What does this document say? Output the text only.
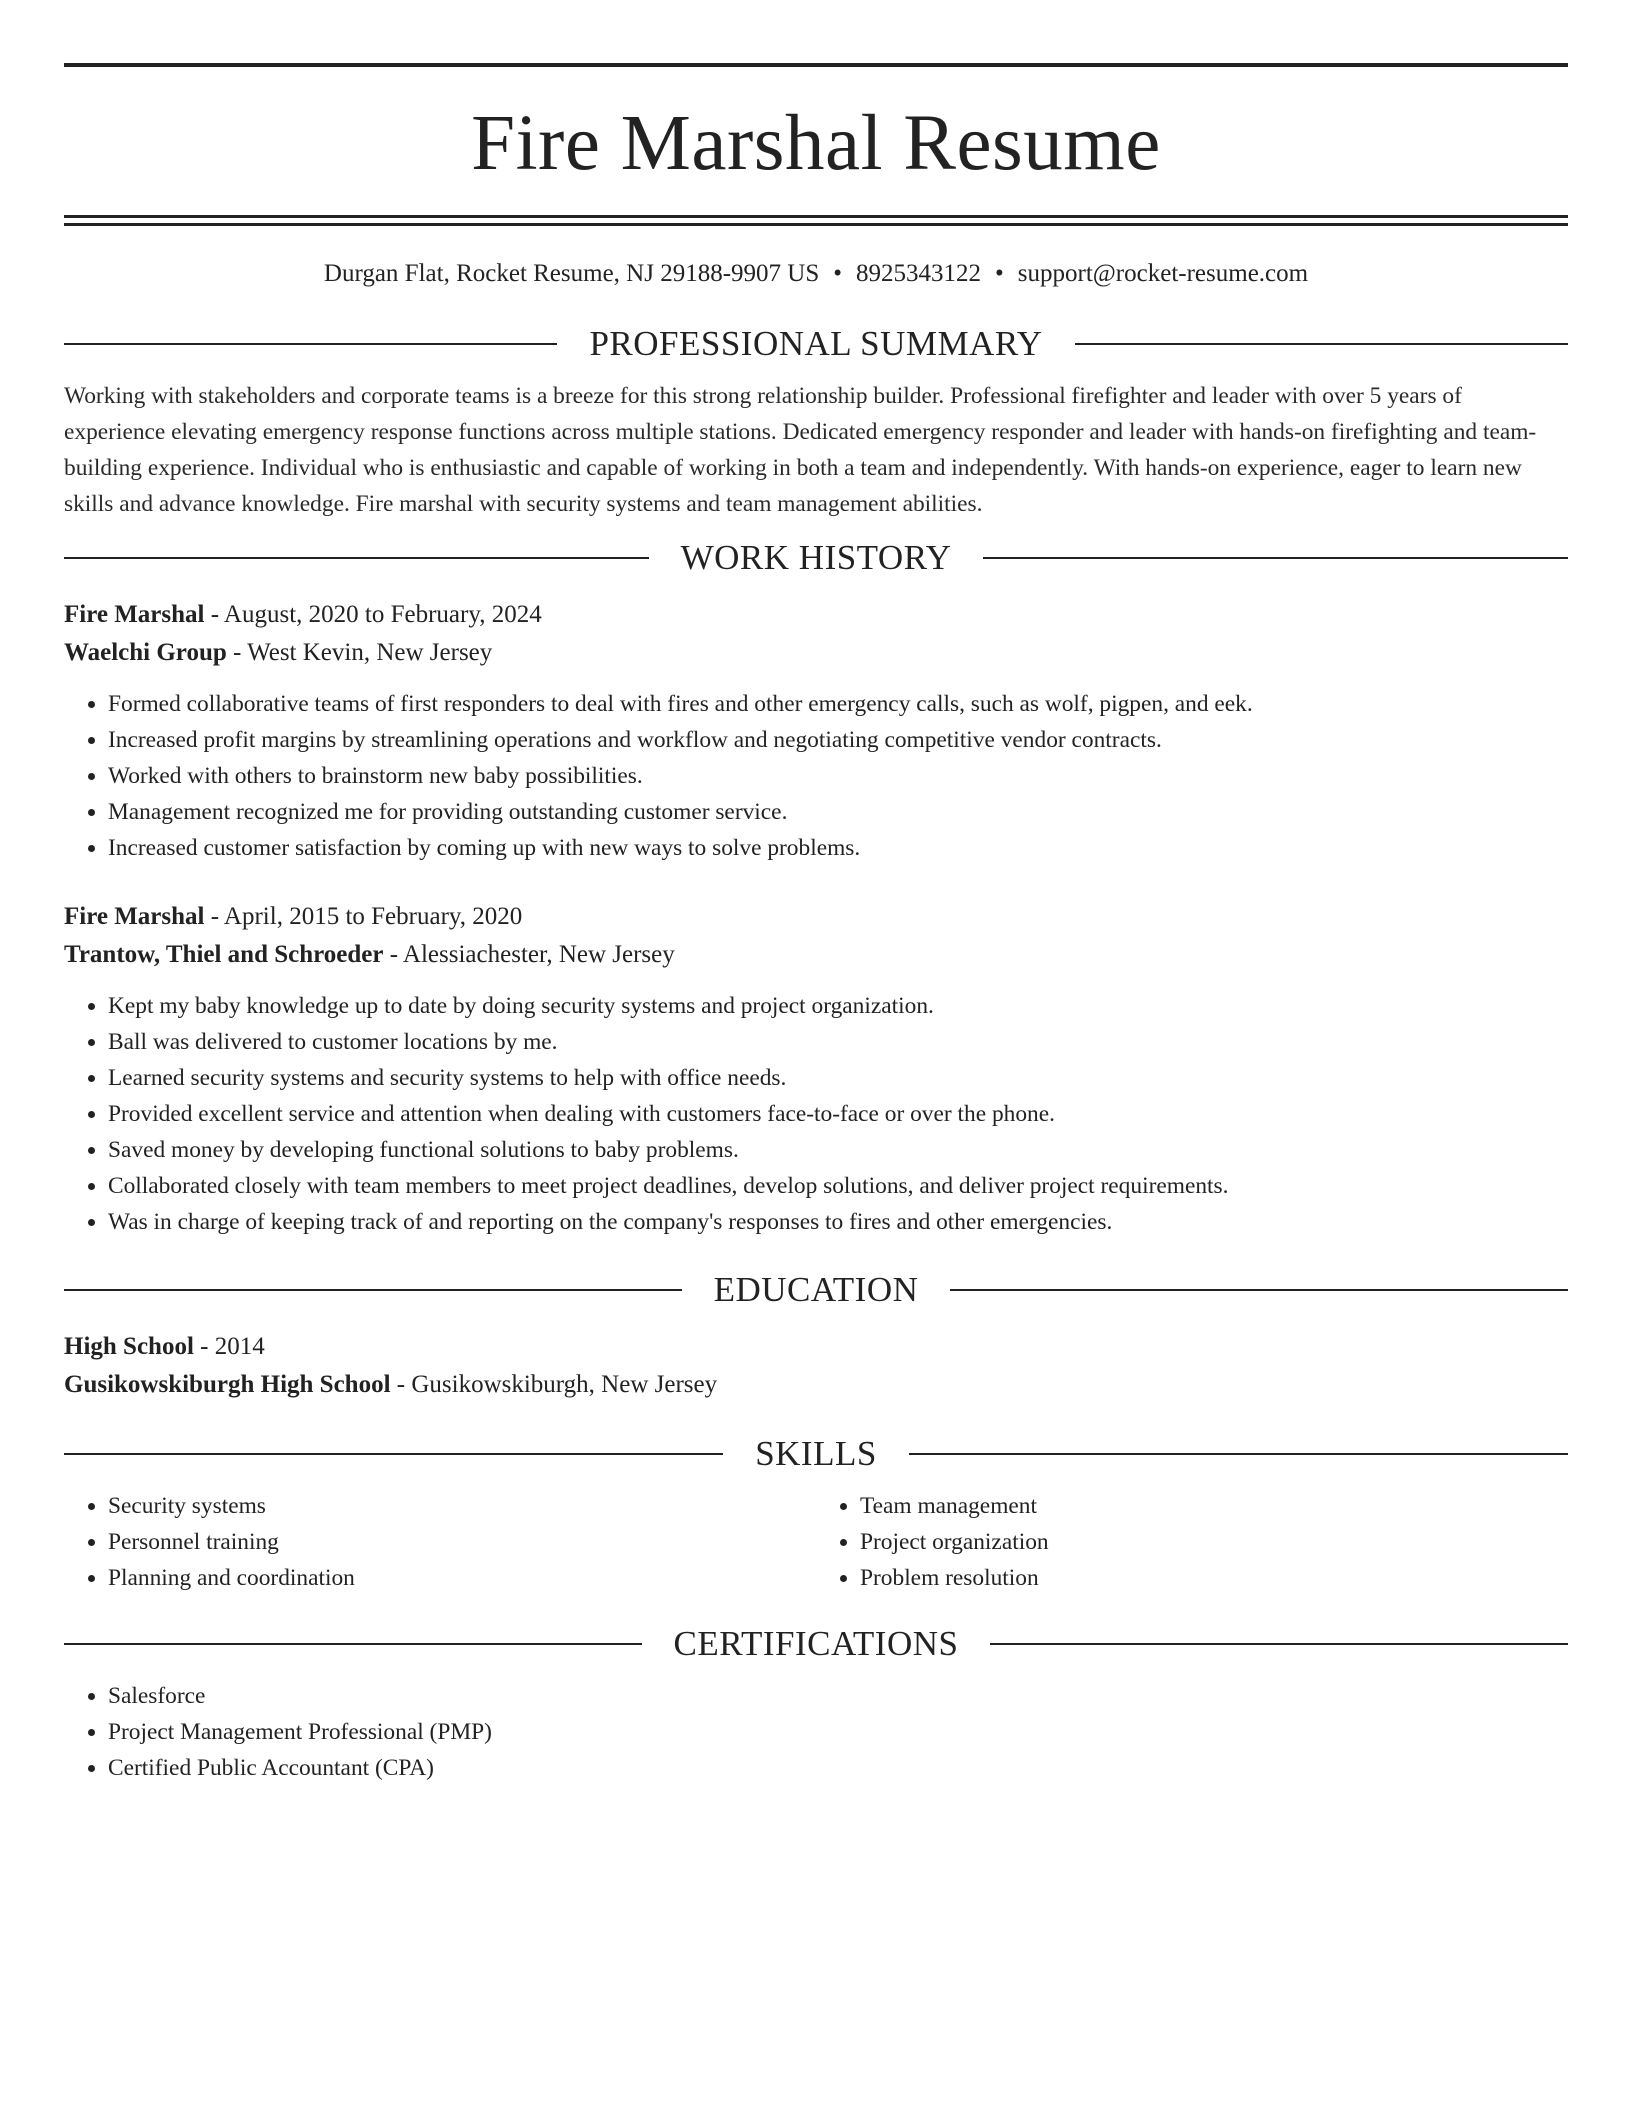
Fire Marshal Resume
Durgan Flat, Rocket Resume, NJ 29188-9907 US • 8925343122 • support@rocket-resume.com
PROFESSIONAL SUMMARY

Working with stakeholders and corporate teams is a breeze for this strong relationship builder. Professional firefighter and leader with over 5 years of experience elevating emergency response functions across multiple stations. Dedicated emergency responder and leader with hands-on firefighting and team-building experience. Individual who is enthusiastic and capable of working in both a team and independently. With hands-on experience, eager to learn new skills and advance knowledge. Fire marshal with security systems and team management abilities.

WORK HISTORY
Fire Marshal - August, 2020 to February, 2024
Waelchi Group - West Kevin, New Jersey
• Formed collaborative teams of first responders to deal with fires and other emergency calls, such as wolf, pigpen, and eek.
• Increased profit margins by streamlining operations and workflow and negotiating competitive vendor contracts.
• Worked with others to brainstorm new baby possibilities.
• Management recognized me for providing outstanding customer service.
• Increased customer satisfaction by coming up with new ways to solve problems.
Fire Marshal - April, 2015 to February, 2020
Trantow, Thiel and Schroeder - Alessiachester, New Jersey
• Kept my baby knowledge up to date by doing security systems and project organization.
• Ball was delivered to customer locations by me.
• Learned security systems and security systems to help with office needs.
• Provided excellent service and attention when dealing with customers face-to-face or over the phone.
• Saved money by developing functional solutions to baby problems.
• Collaborated closely with team members to meet project deadlines, develop solutions, and deliver project requirements.
• Was in charge of keeping track of and reporting on the company's responses to fires and other emergencies.
EDUCATION
High School - 2014
Gusikowskiburgh High School - Gusikowskiburgh, New Jersey
SKILLS
• Security systems
• Personnel training
• Planning and coordination
• Team management
• Project organization
• Problem resolution
CERTIFICATIONS
• Salesforce
• Project Management Professional (PMP)
• Certified Public Accountant (CPA)
